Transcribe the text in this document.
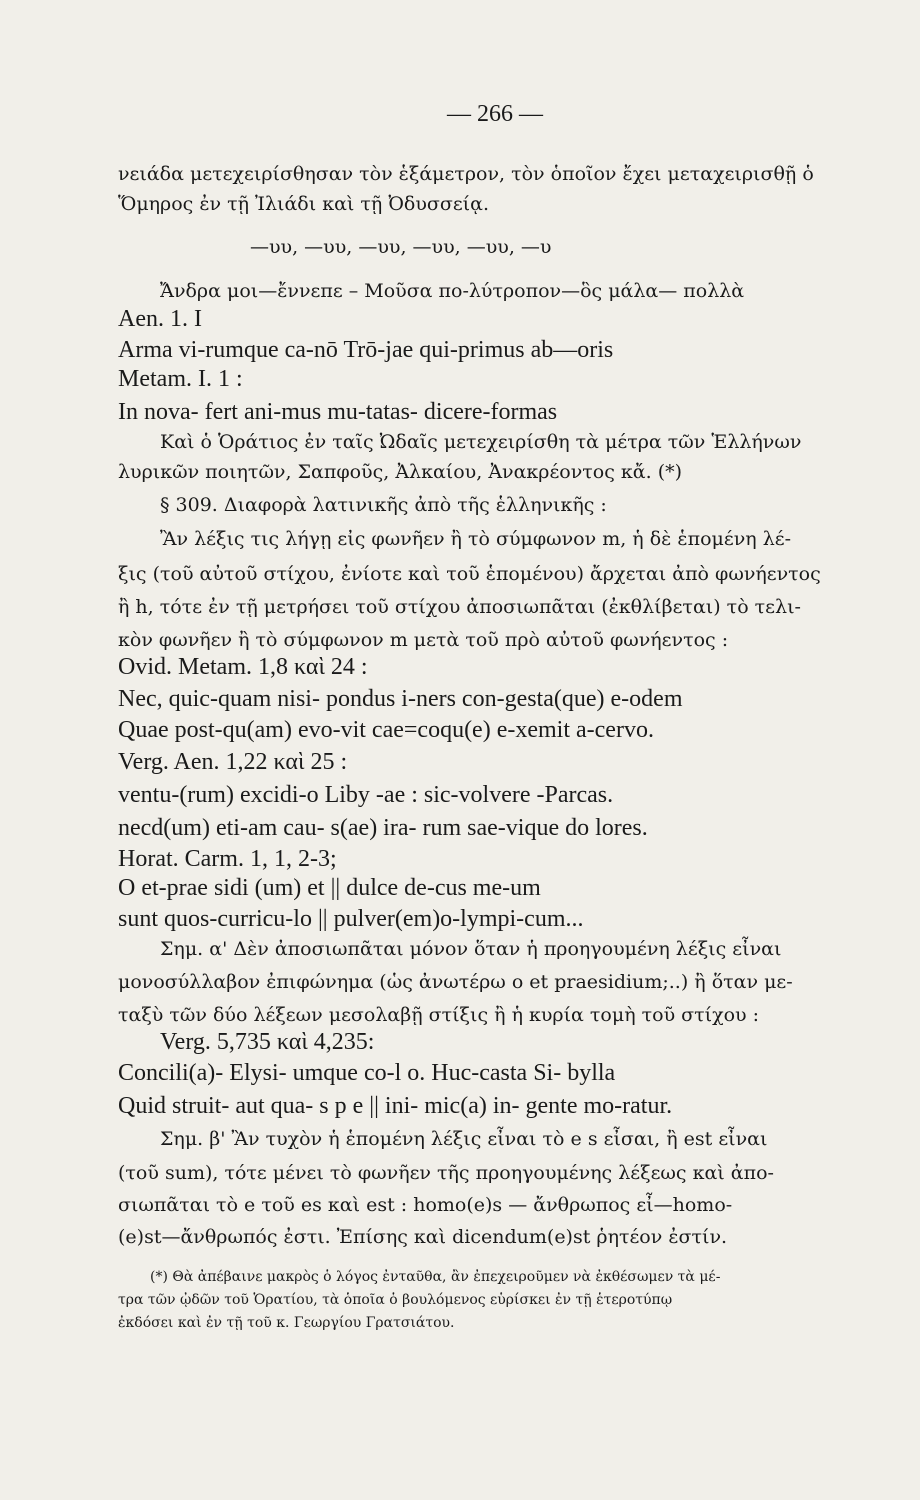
— 266 —
νειάδα μετεχειρίσθησαν τὸν ἑξάμετρον, τὸν ὁποῖον ἔχει μεταχειρισθῇ ὁ
Ὅμηρος ἐν τῇ Ἰλιάδι καὶ τῇ Ὀδυσσείᾳ.
—υυ, —υυ, —υυ, —υυ, —υυ, —υ
Ἄνδρα μοι—ἔννεπε – Μοῦσα πο-λύτροπον—ὃς μάλα— πολλὰ
Aen. 1. I
Arma vi-rumque ca-nō Trō-jae qui-primus ab—oris
Metam. I. 1 :
In nova- fert ani-mus mu-tatas- dicere-formas
Καὶ ὁ Ὁράτιος ἐν ταῖς Ὠδαῖς μετεχειρίσθη τὰ μέτρα τῶν Ἑλλήνων
λυρικῶν ποιητῶν, Σαπφοῦς, Ἀλκαίου, Ἀνακρέοντος κἄ. (*)
§ 309. Διαφορὰ λατινικῆς ἀπὸ τῆς ἑλληνικῆς :
Ἂν λέξις τις λήγῃ εἰς φωνῆεν ἢ τὸ σύμφωνον m, ἡ δὲ ἑπομένη λέ-
ξις (τοῦ αὐτοῦ στίχου, ἐνίοτε καὶ τοῦ ἑπομένου) ἄρχεται ἀπὸ φωνήεντος
ἢ h, τότε ἐν τῇ μετρήσει τοῦ στίχου ἀποσιωπᾶται (ἐκθλίβεται) τὸ τελι-
κὸν φωνῆεν ἢ τὸ σύμφωνον m μετὰ τοῦ πρὸ αὐτοῦ φωνήεντος :
Ovid. Metam. 1,8 καὶ 24 :
Nec, quic-quam nisi- pondus i-ners con-gesta(que) e-odem
Quae post-qu(am) evo-vit cae=coqu(e) e-xemit a-cervo.
Verg. Aen. 1,22 καὶ 25 :
ventu-(rum) excidi-o Liby -ae : sic-volvere -Parcas.
necd(um) eti-am cau- s(ae) ira- rum sae-vique do lores.
Horat. Carm. 1, 1, 2-3;
O et-prae sidi (um) et || dulce de-cus me-um
sunt quos-curricu-lo || pulver(em)o-lympi-cum...
Σημ. α' Δὲν ἀποσιωπᾶται μόνον ὅταν ἡ προηγουμένη λέξις εἶναι
μονοσύλλαβον ἐπιφώνημα (ὡς ἀνωτέρω o et praesidium;..) ἢ ὅταν με-
ταξὺ τῶν δύο λέξεων μεσολαβῇ στίξις ἢ ἡ κυρία τομὴ τοῦ στίχου :
Verg. 5,735 καὶ 4,235:
Concili(a)- Elysi- umque co-l o. Huc-casta Si- bylla
Quid struit- aut qua- s p e || ini- mic(a) in- gente mo-ratur.
Σημ. β' Ἂν τυχὸν ἡ ἑπομένη λέξις εἶναι τὸ e s εἶσαι, ἢ est εἶναι
(τοῦ sum), τότε μένει τὸ φωνῆεν τῆς προηγουμένης λέξεως καὶ ἀπο-
σιωπᾶται τὸ e τοῦ es καὶ est : homo(e)s — ἄνθρωπος εἶ—homo-
(e)st—ἄνθρωπός ἐστι. Ἐπίσης καὶ dicendum(e)st ῥητέον ἐστίν.
(*) Θὰ ἀπέβαινε μακρὸς ὁ λόγος ἐνταῦθα, ἂν ἐπεχειροῦμεν νὰ ἐκθέσωμεν τὰ μέ-
τρα τῶν ᾠδῶν τοῦ Ὁρατίου, τὰ ὁποῖα ὁ βουλόμενος εὑρίσκει ἐν τῇ ἑτεροτύπῳ
ἐκδόσει καὶ ἐν τῇ τοῦ κ. Γεωργίου Γρατσιάτου.
